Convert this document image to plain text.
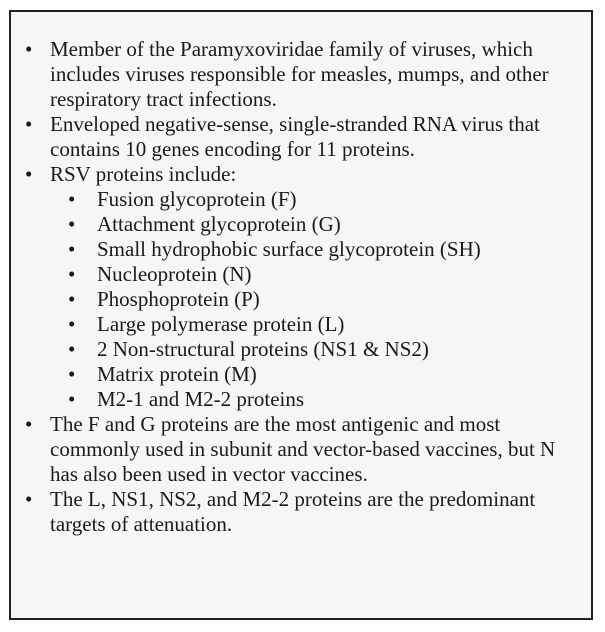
• Member of the Paramyxoviridae family of viruses, which includes viruses responsible for measles, mumps, and other respiratory tract infections.
• Enveloped negative-sense, single-stranded RNA virus that contains 10 genes encoding for 11 proteins.
• RSV proteins include:
• Fusion glycoprotein (F)
• Attachment glycoprotein (G)
• Small hydrophobic surface glycoprotein (SH)
• Nucleoprotein (N)
• Phosphoprotein (P)
• Large polymerase protein (L)
• 2 Non-structural proteins (NS1 & NS2)
• Matrix protein (M)
• M2-1 and M2-2 proteins
• The F and G proteins are the most antigenic and most commonly used in subunit and vector-based vaccines, but N has also been used in vector vaccines.
• The L, NS1, NS2, and M2-2 proteins are the predominant targets of attenuation.
